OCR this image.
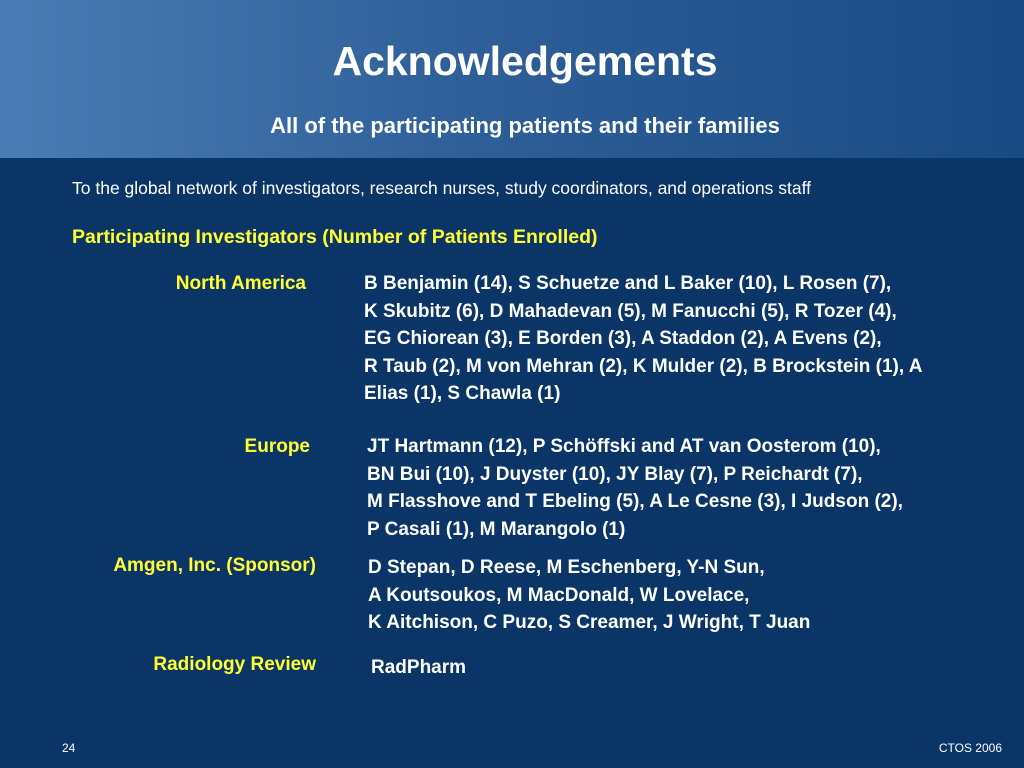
Acknowledgements
All of the participating patients and their families
To the global network of investigators, research nurses, study coordinators, and operations staff
Participating Investigators (Number of Patients Enrolled)
North America	B Benjamin (14), S Schuetze and L Baker (10), L Rosen (7),
K Skubitz (6), D Mahadevan (5), M Fanucchi (5), R Tozer (4),
EG Chiorean (3), E Borden (3), A Staddon (2), A Evens (2),
R Taub (2), M von Mehran (2), K Mulder (2), B Brockstein (1), A
Elias (1), S Chawla (1)
Europe	JT Hartmann (12), P Schöffski and AT van Oosterom (10),
BN Bui (10), J Duyster (10), JY Blay (7), P Reichardt (7),
M Flasshove and T Ebeling (5), A Le Cesne (3), I Judson (2),
P Casali (1), M Marangolo (1)
Amgen, Inc. (Sponsor)	D Stepan, D Reese, M Eschenberg, Y-N Sun,
A Koutsoukos, M MacDonald, W Lovelace,
K Aitchison, C Puzo, S Creamer, J Wright, T Juan
Radiology Review	RadPharm
24	CTOS 2006
